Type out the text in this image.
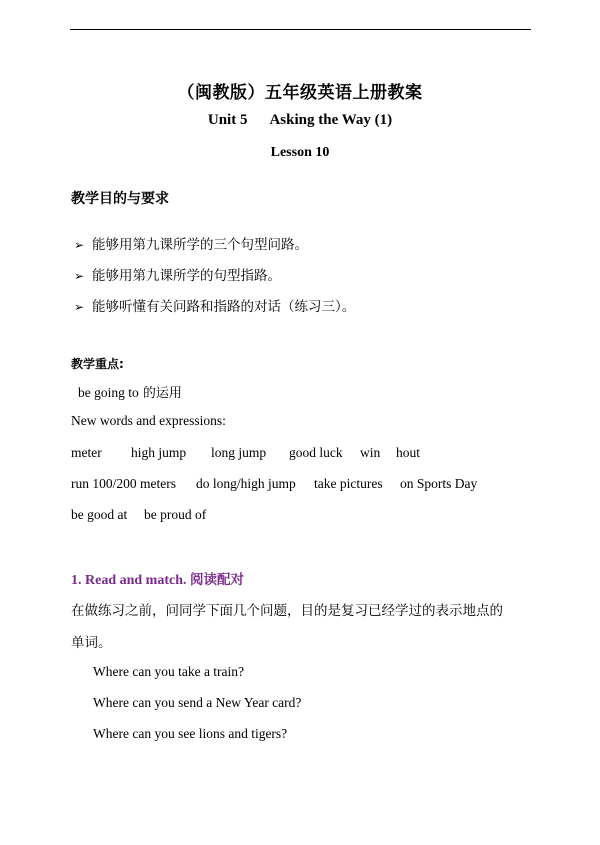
（闽教版）五年级英语上册教案
Unit 5 Asking the Way (1)
Lesson 10
教学目的与要求
➢ 能够用第九课所学的三个句型问路。
➢ 能够用第九课所学的句型指路。
➢ 能够听懂有关问路和指路的对话（练习三）。
教学重点:
be going to 的运用
New words and expressions:
meter high jump long jump good luck win hout
run 100/200 meters do long/high jump take pictures on Sports Day
be good at be proud of
1. Read and match. 阅读配对
在做练习之前，问同学下面几个问题，目的是复习已经学过的表示地点的
单词。
Where can you take a train?
Where can you send a New Year card?
Where can you see lions and tigers?
